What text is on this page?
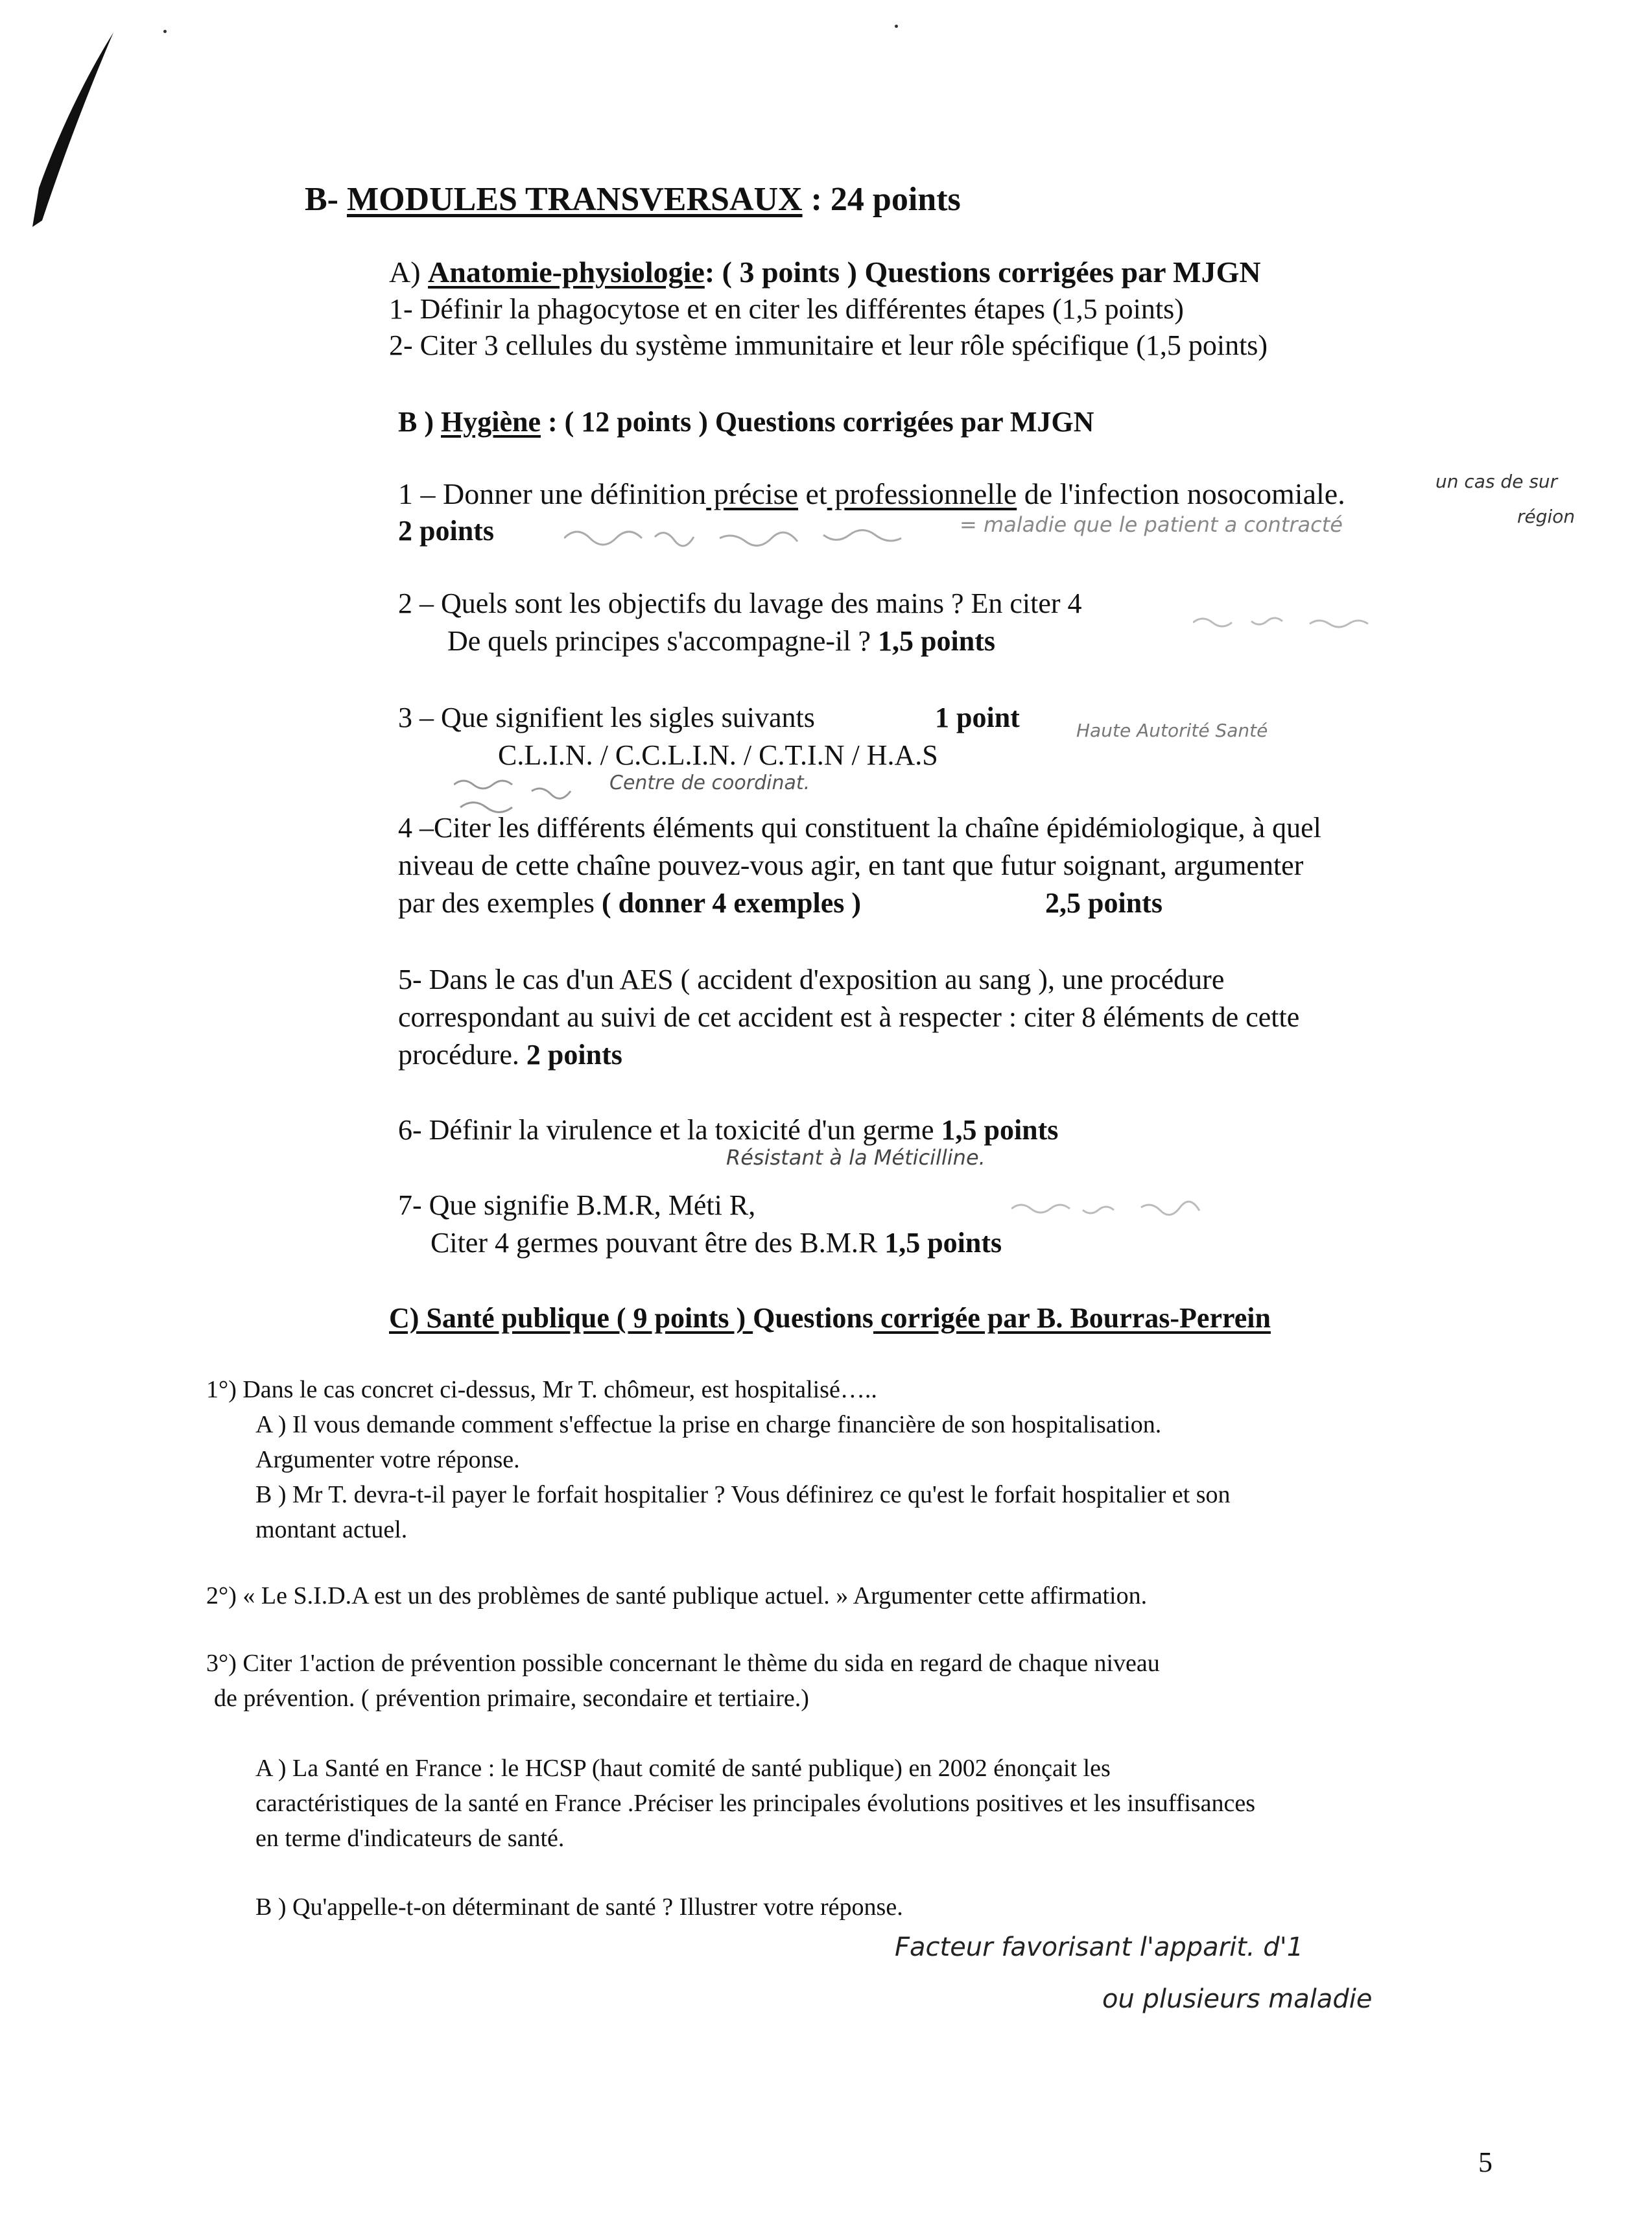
B- MODULES TRANSVERSAUX : 24 points
A) Anatomie-physiologie: ( 3 points ) Questions corrigées par MJGN
1- Définir la phagocytose et en citer les différentes étapes (1,5 points)
2- Citer 3 cellules du système immunitaire et leur rôle spécifique (1,5 points)
B ) Hygiène : ( 12 points ) Questions corrigées par MJGN
1 – Donner une définition précise et professionnelle de l'infection nosocomiale.
2 points
2 – Quels sont les objectifs du lavage des mains ? En citer 4
De quels principes s'accompagne-il ? 1,5 points
3 – Que signifient les sigles suivants	1 point
C.L.I.N. / C.C.L.I.N. / C.T.I.N / H.A.S
4 –Citer les différents éléments qui constituent la chaîne épidémiologique, à quel
niveau de cette chaîne pouvez-vous agir, en tant que futur soignant, argumenter
par des exemples ( donner 4 exemples )	2,5 points
5- Dans le cas d'un AES ( accident d'exposition au sang ), une procédure
correspondant au suivi de cet accident est à respecter : citer 8 éléments de cette
procédure. 2 points
6- Définir la virulence et la toxicité d'un germe 1,5 points
7- Que signifie B.M.R, Méti R,
Citer 4 germes pouvant être des B.M.R 1,5 points
C) Santé publique ( 9 points ) Questions corrigée par B. Bourras-Perrein
1°) Dans le cas concret ci-dessus, Mr T. chômeur, est hospitalisé…..
A ) Il vous demande comment s'effectue la prise en charge financière de son hospitalisation.
Argumenter votre réponse.
B ) Mr T. devra-t-il payer le forfait hospitalier ? Vous définirez ce qu'est le forfait hospitalier et son
montant actuel.
2°) « Le S.I.D.A est un des problèmes de santé publique actuel. » Argumenter cette affirmation.
3°) Citer 1'action de prévention possible concernant le thème du sida en regard de chaque niveau
de prévention. ( prévention primaire, secondaire et tertiaire.)
A ) La Santé en France : le HCSP (haut comité de santé publique) en 2002 énonçait les
caractéristiques de la santé en France .Préciser les principales évolutions positives et les insuffisances
en terme d'indicateurs de santé.
B ) Qu'appelle-t-on déterminant de santé ? Illustrer votre réponse.
un cas de sur
= maladie que le patient a contracté	région
Haute Autorité Santé
Centre de coordinat.
Résistant à la Méticilline.
Facteur favorisant l'apparit. d'1
ou plusieurs maladie
5
